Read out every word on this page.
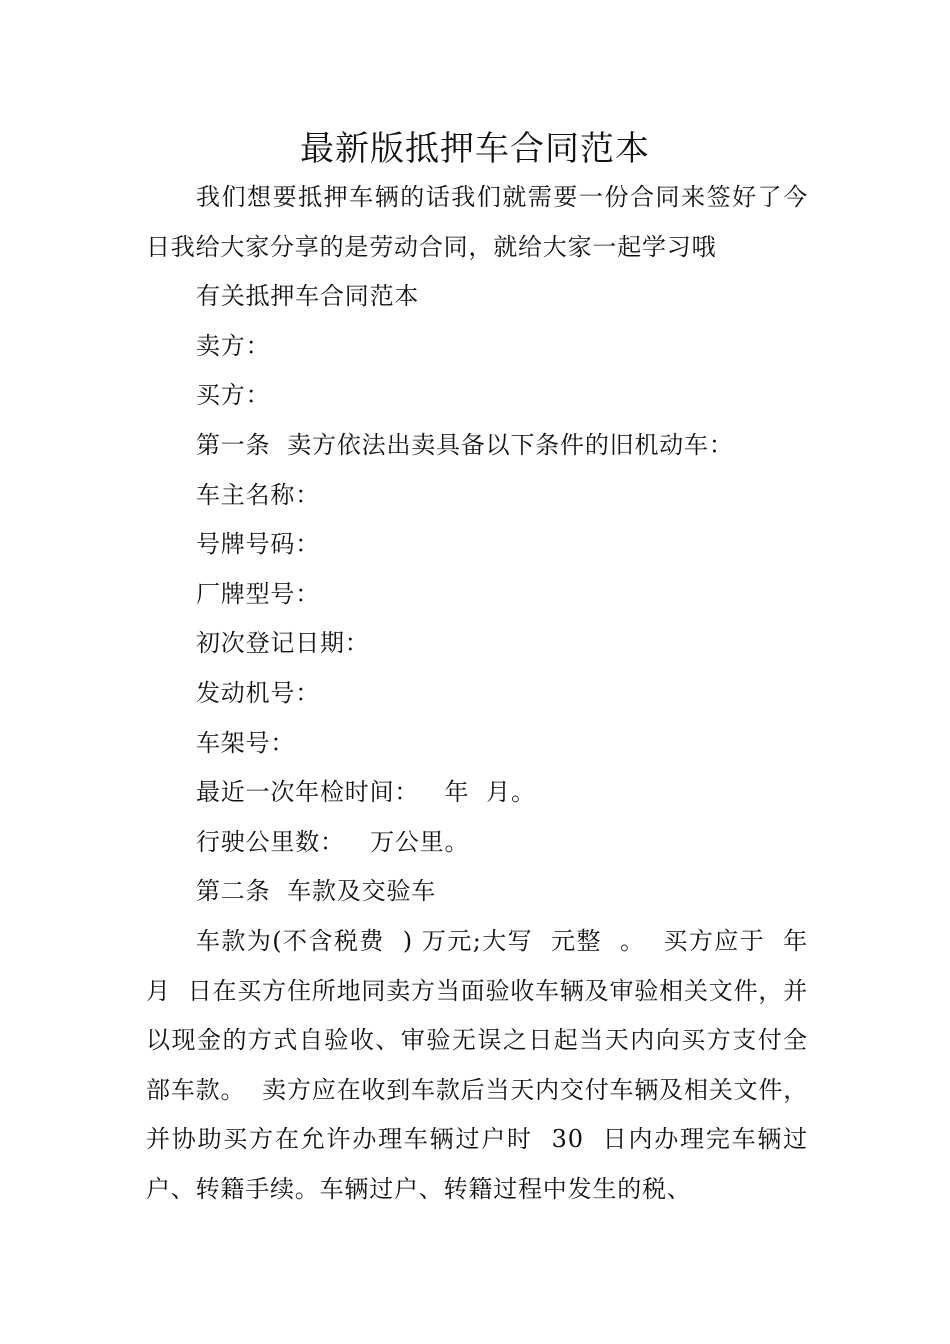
最新版抵押车合同范本

我们想要抵押车辆的话我们就需要一份合同来签好了今日我给大家分享的是劳动合同，就给大家一起学习哦

有关抵押车合同范本

卖方：

买方：

第一条  卖方依法出卖具备以下条件的旧机动车：

车主名称：

号牌号码：

厂牌型号：

初次登记日期：

发动机号：

车架号：

最近一次年检时间：   年  月。

行驶公里数：   万公里。

第二条  车款及交验车

车款为(不含税费  ) 万元;大写  元整  。  买方应于  年  月  日在买方住所地同卖方当面验收车辆及审验相关文件，并以现金的方式自验收、审验无误之日起当天内向买方支付全部车款。  卖方应在收到车款后当天内交付车辆及相关文件，并协助买方在允许办理车辆过户时  30  日内办理完车辆过户、转籍手续。车辆过户、转籍过程中发生的税、
